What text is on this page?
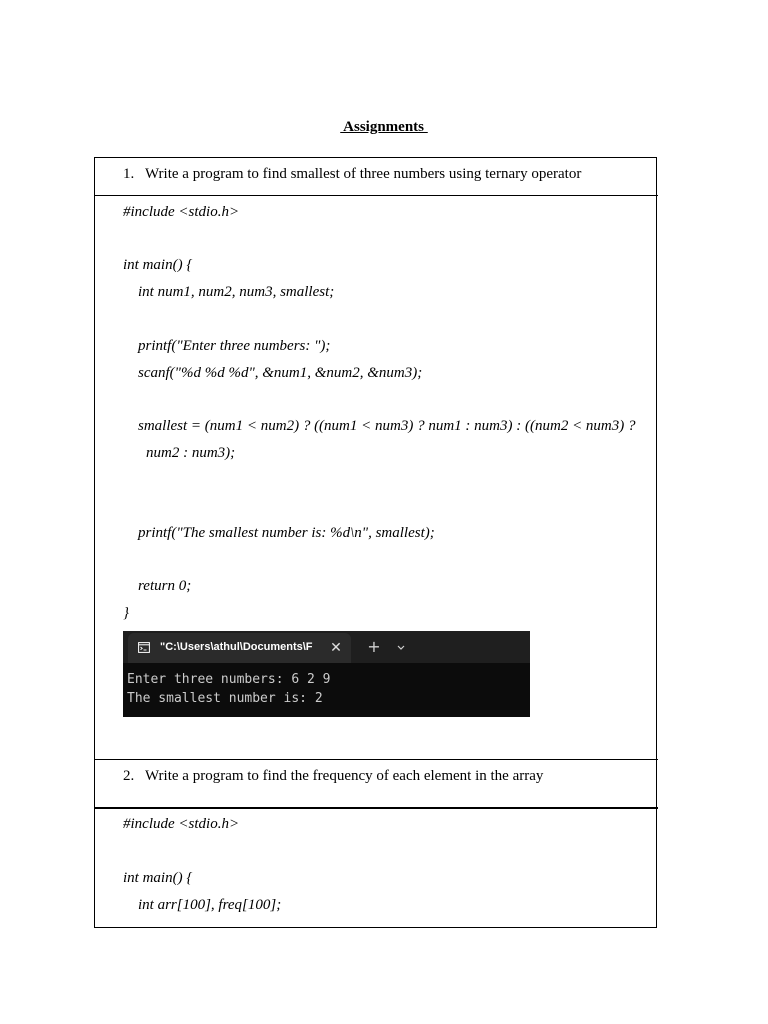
Assignments
1. Write a program to find smallest of three numbers using ternary operator
#include <stdio.h>
int main() {
int num1, num2, num3, smallest;
printf("Enter three numbers: ");
scanf("%d %d %d", &num1, &num2, &num3);
smallest = (num1 < num2) ? ((num1 < num3) ? num1 : num3) : ((num2 < num3) ?
num2 : num3);
printf("The smallest number is: %d\n", smallest);
return 0;
}
"C:\Users\athul\Documents\F	✕ +
Enter three numbers: 6 2 9
The smallest number is: 2
2. Write a program to find the frequency of each element in the array
#include <stdio.h>
int main() {
int arr[100], freq[100];
